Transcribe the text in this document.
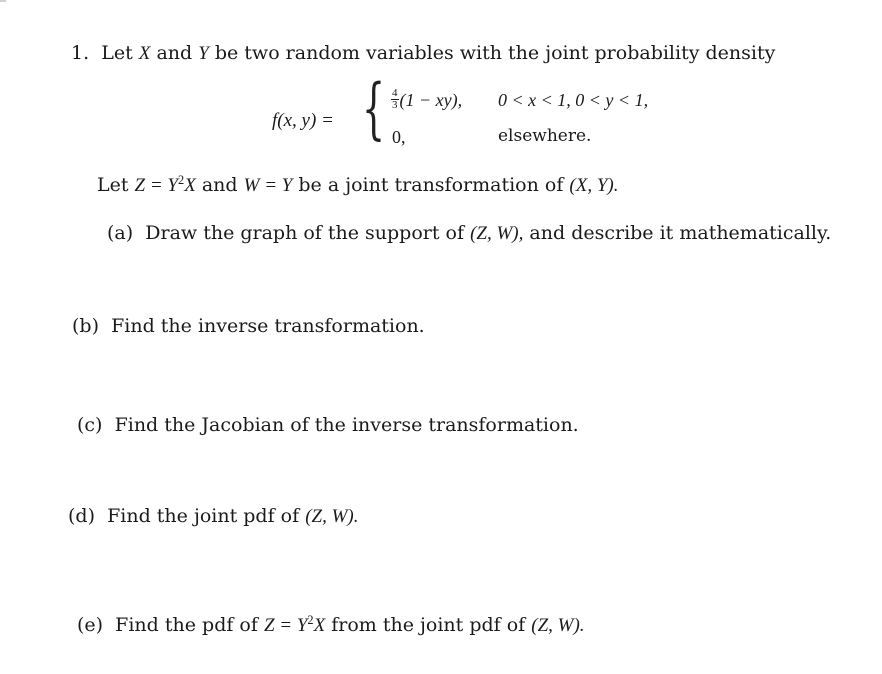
1. Let X and Y be two random variables with the joint probability density
f(x, y) = { $\frac{4}{3} (1 - xy)$, 0 < x < 1, 0 < y < 1,
0,	elsewhere.
Let $Z = Y^2X$ and W = Y be a joint transformation of (X, Y).
(a) Draw the graph of the support of (Z, W), and describe it mathematically.
(b) Find the inverse transformation.
(c) Find the Jacobian of the inverse transformation.
(d) Find the joint pdf of (Z, W).
(e) Find the pdf of $Z = Y^2X$ from the joint pdf of (Z, W).
